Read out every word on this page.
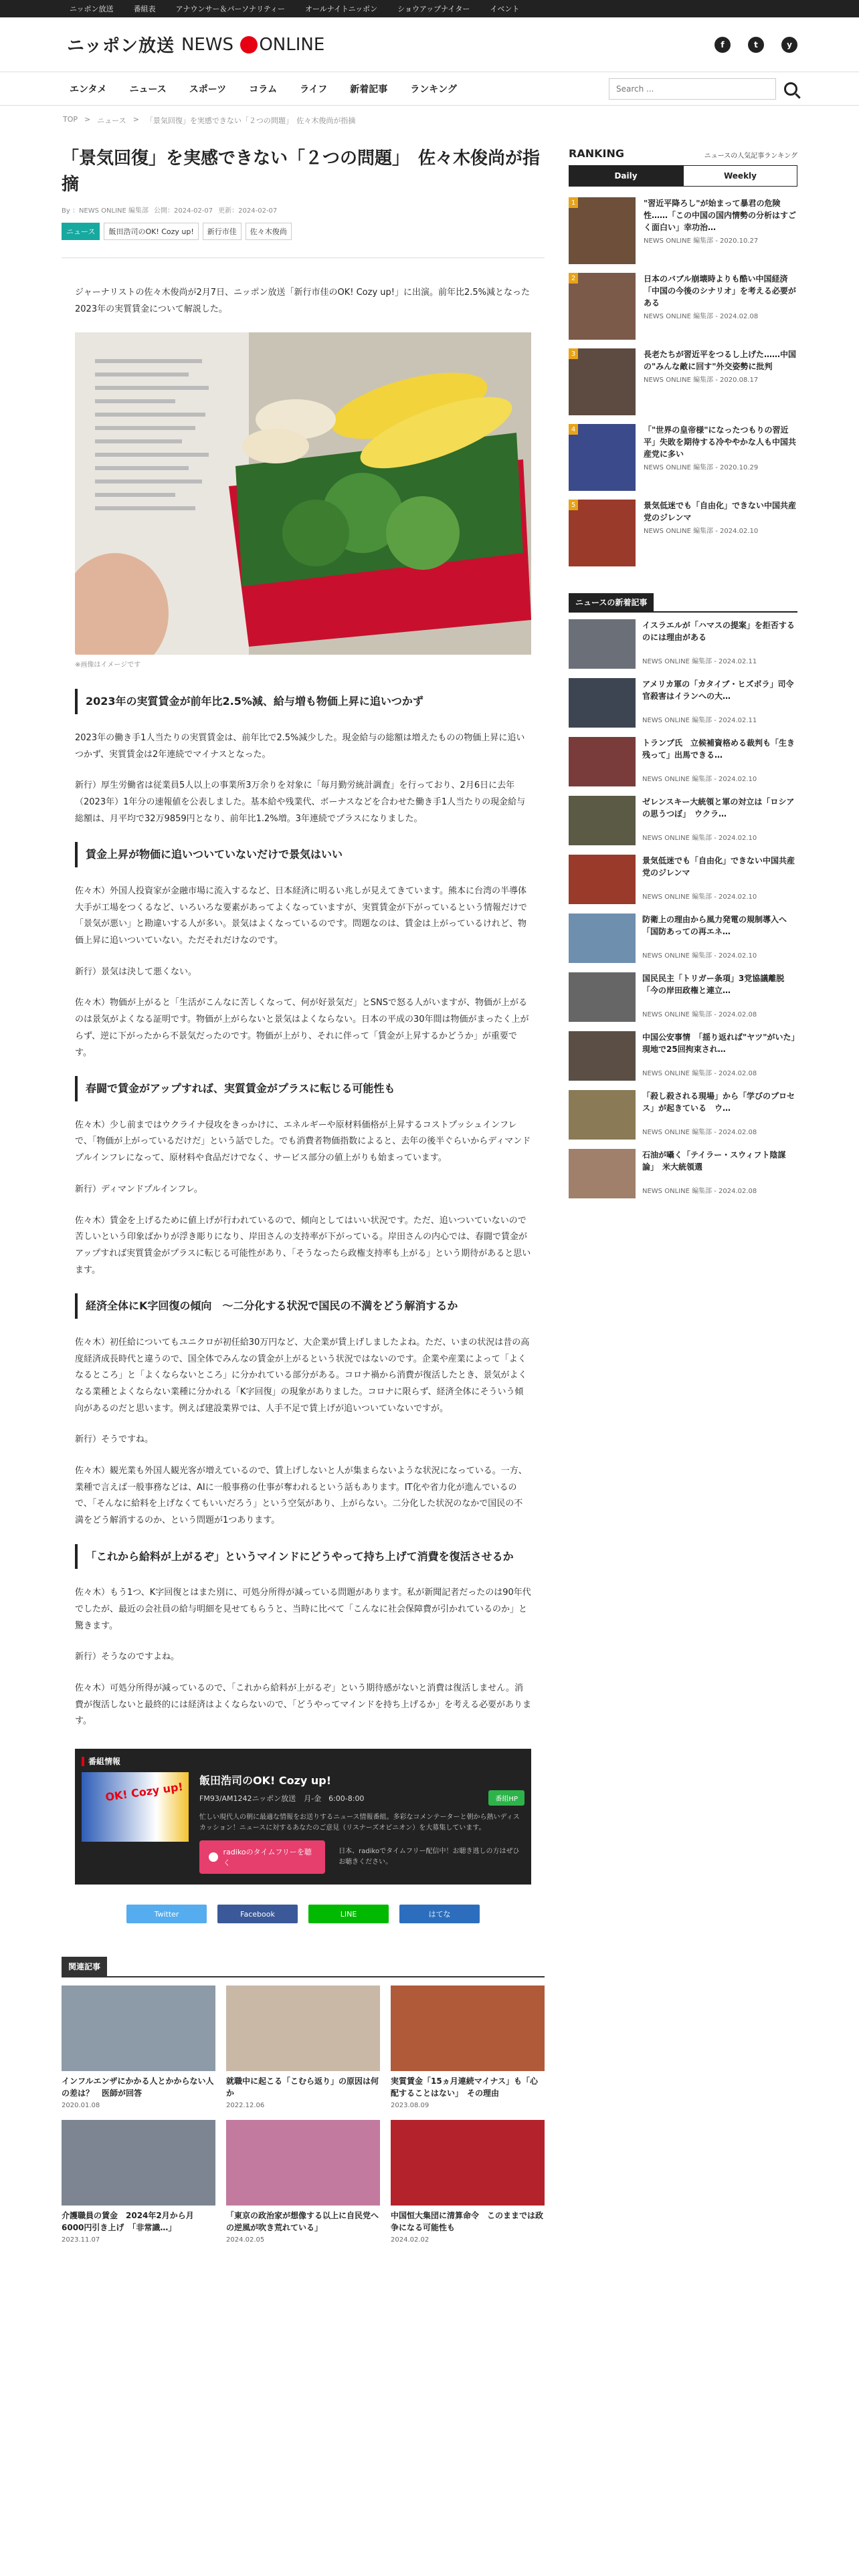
ニッポン放送	番組表	アナウンサー＆パーソナリティー	オールナイトニッポン	ショウアップナイター	イベント
ニッポン放送 NEWS
ONLINE	f	t	y
エンタメ ニュース スポーツ コラム ライフ 新着記事 ランキング
Search ...
TOP > ニュース > 「景気回復」を実感できない「２つの問題」　佐々木俊尚が指摘
「景気回復」を実感できない「２つの問題」　佐々木俊尚が指摘
By ：NEWS ONLINE 編集部 公開：2024-02-07 更新：2024-02-07
ニュース	飯田浩司のOK! Cozy up!	新行市佳	佐々木俊尚

ジャーナリストの佐々木俊尚が2月7日、ニッポン放送「新行市佳のOK! Cozy up!」に出演。前年比2.5%減となった2023年の実質賃金について解説した。

※画像はイメージです
2023年の実質賃金が前年比2.5%減、給与増も物価上昇に追いつかず

2023年の働き手1人当たりの実質賃金は、前年比で2.5%減少した。現金給与の総額は増えたものの物価上昇に追いつかず、実質賃金は2年連続でマイナスとなった。

新行）厚生労働省は従業員5人以上の事業所3万余りを対象に「毎月勤労統計調査」を行っており、2月6日に去年（2023年）1年分の速報値を公表しました。基本給や残業代、ボーナスなどを合わせた働き手1人当たりの現金給与総額は、月平均で32万9859円となり、前年比1.2%増。3年連続でプラスになりました。

賃金上昇が物価に追いついていないだけで景気はいい

佐々木）外国人投資家が金融市場に流入するなど、日本経済に明るい兆しが見えてきています。熊本に台湾の半導体大手が工場をつくるなど、いろいろな要素があってよくなっていますが、実質賃金が下がっているという情報だけで「景気が悪い」と勘違いする人が多い。景気はよくなっているのです。問題なのは、賃金は上がっているけれど、物価上昇に追いついていない。ただそれだけなのです。

新行）景気は決して悪くない。

佐々木）物価が上がると「生活がこんなに苦しくなって、何が好景気だ」とSNSで怒る人がいますが、物価が上がるのは景気がよくなる証明です。物価が上がらないと景気はよくならない。日本の平成の30年間は物価がまったく上がらず、逆に下がったから不景気だったのです。物価が上がり、それに伴って「賃金が上昇するかどうか」が重要です。

春闘で賃金がアップすれば、実質賃金がプラスに転じる可能性も

佐々木）少し前まではウクライナ侵攻をきっかけに、エネルギーや原材料価格が上昇するコストプッシュインフレで、「物価が上がっているだけだ」という話でした。でも消費者物価指数によると、去年の後半ぐらいからディマンドプルインフレになって、原材料や食品だけでなく、サービス部分の値上がりも始まっています。

新行）ディマンドプルインフレ。

佐々木）賃金を上げるために値上げが行われているので、傾向としてはいい状況です。ただ、追いついていないので苦しいという印象ばかりが浮き彫りになり、岸田さんの支持率が下がっている。岸田さんの内心では、春闘で賃金がアップすれば実質賃金がプラスに転じる可能性があり、「そうなったら政権支持率も上がる」という期待があると思います。

経済全体にK字回復の傾向　～二分化する状況で国民の不満をどう解消するか

佐々木）初任給についてもユニクロが初任給30万円など、大企業が賃上げしましたよね。ただ、いまの状況は昔の高度経済成長時代と違うので、国全体でみんなの賃金が上がるという状況ではないのです。企業や産業によって「よくなるところ」と「よくならないところ」に分かれている部分がある。コロナ禍から消費が復活したとき、景気がよくなる業種とよくならない業種に分かれる「K字回復」の現象がありました。コロナに限らず、経済全体にそういう傾向があるのだと思います。例えば建設業界では、人手不足で賃上げが追いついていないですが。

新行）そうですね。

佐々木）観光業も外国人観光客が増えているので、賃上げしないと人が集まらないような状況になっている。一方、業種で言えば一般事務などは、AIに一般事務の仕事が奪われるという話もあります。IT化や省力化が進んでいるので、「そんなに給料を上げなくてもいいだろう」という空気があり、上がらない。二分化した状況のなかで国民の不満をどう解消するのか、という問題が1つあります。

「これから給料が上がるぞ」というマインドにどうやって持ち上げて消費を復活させるか

佐々木）もう1つ、K字回復とはまた別に、可処分所得が減っている問題があります。私が新聞記者だったのは90年代でしたが、最近の会社員の給与明細を見せてもらうと、当時に比べて「こんなに社会保障費が引かれているのか」と驚きます。

新行）そうなのですよね。

佐々木）可処分所得が減っているので、「これから給料が上がるぞ」という期待感がないと消費は復活しません。消費が復活しないと最終的には経済はよくならないので、「どうやってマインドを持ち上げるか」を考える必要があります。

番組情報
OK! Cozy up! 飯田浩司のOK! Cozy up!
FM93/AM1242ニッポン放送 月-金　6:00-8:00	番組HP
忙しい現代人の朝に最適な情報をお送りするニュース情報番組。多彩なコメンテーターと朝から熱いディスカッション！ニュースに対するあなたのご意見（リスナーズオピニオン）を大募集しています。
radikoのタイムフリーを聴く
日本、radikoでタイムフリー配信中！お聴き逃しの方はぜひお聴きください。
Twitter	Facebook	LINE	はてな
関連記事
インフルエンザにかかる人とかからない人の差は？　医師が回答
2020.01.08
就職中に起こる「こむら返り」の原因は何か
2022.12.06
実質賃金「15ヵ月連続マイナス」も「心配することはない」　その理由
2023.08.09
介護職員の賃金　2024年2月から月6000円引き上げ　「非常識…」
2023.11.07
「東京の政治家が想像する以上に自民党への逆風が吹き荒れている」
2024.02.05
中国恒大集団に清算命令　このままでは政争になる可能性も
2024.02.02
RANKING	ニュースの人気記事ランキング
Daily	Weekly
1	"習近平降ろし"が始まって暴君の危険性……「この中国の国内情勢の分析はすごく面白い」幸功治…
NEWS ONLINE 編集部 - 2020.10.27
2	日本のバブル崩壊時よりも酷い中国経済　「中国の今後のシナリオ」を考える必要がある
NEWS ONLINE 編集部 - 2024.02.08
3	長老たちが習近平をつるし上げた……中国の"みんな敵に回す"外交姿勢に批判
NEWS ONLINE 編集部 - 2020.08.17
4	「"世界の皇帝様"になったつもりの習近平」失敗を期待する冷ややかな人も中国共産党に多い
NEWS ONLINE 編集部 - 2020.10.29
5	景気低迷でも「自由化」できない中国共産党のジレンマ
NEWS ONLINE 編集部 - 2024.02.10
ニュースの新着記事
イスラエルが「ハマスの提案」を拒否するのには理由がある
NEWS ONLINE 編集部 - 2024.02.11
アメリカ軍の「カタイブ・ヒズボラ」司令官殺害はイランへの大…
NEWS ONLINE 編集部 - 2024.02.11
トランプ氏　立候補資格める裁判も「生き残って」出馬できる…
NEWS ONLINE 編集部 - 2024.02.10
ゼレンスキー大統領と軍の対立は「ロシアの思うつぼ」　ウクラ…
NEWS ONLINE 編集部 - 2024.02.10
景気低迷でも「自由化」できない中国共産党のジレンマ
NEWS ONLINE 編集部 - 2024.02.10
防衛上の理由から風力発電の規制導入へ　「国防あっての再エネ…
NEWS ONLINE 編集部 - 2024.02.10
国民民主「トリガー条項」3党協議離脱　「今の岸田政権と連立…
NEWS ONLINE 編集部 - 2024.02.08
中国公安事情　「揺り返れば"ヤツ"がいた」現地で25回拘束され…
NEWS ONLINE 編集部 - 2024.02.08
「殺し殺される現場」から「学びのプロセス」が起きている　ウ…
NEWS ONLINE 編集部 - 2024.02.08
石油が囁く「テイラー・スウィフト陰謀論」　米大統領選
NEWS ONLINE 編集部 - 2024.02.08
